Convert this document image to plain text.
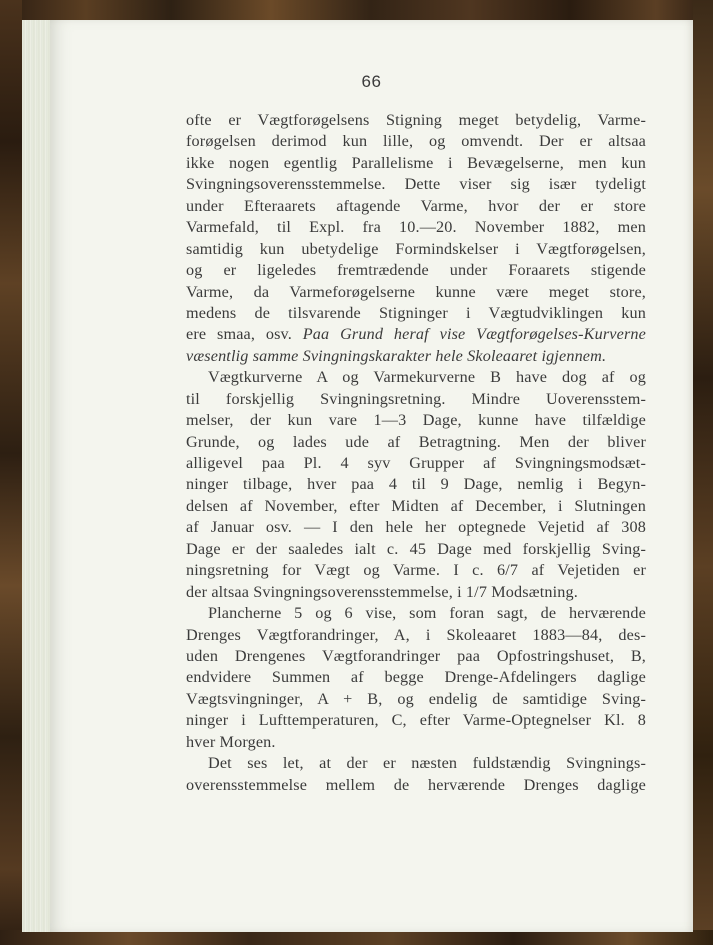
66
ofte er Vægtforøgelsens Stigning meget betydelig, Varme-
forøgelsen derimod kun lille, og omvendt. Der er altsaa
ikke nogen egentlig Parallelisme i Bevægelserne, men kun
Svingningsoverensstemmelse. Dette viser sig især tydeligt
under Efteraarets aftagende Varme, hvor der er store
Varmefald, til Expl. fra 10.—20. November 1882, men
samtidig kun ubetydelige Formindskelser i Vægtforøgelsen,
og er ligeledes fremtrædende under Foraarets stigende
Varme, da Varmeforøgelserne kunne være meget store,
medens de tilsvarende Stigninger i Vægtudviklingen kun
ere smaa, osv. Paa Grund heraf vise Vægtforøgelses-Kurverne
væsentlig samme Svingningskarakter hele Skoleaaret igjennem.
Vægtkurverne A og Varmekurverne B have dog af og
til forskjellig Svingningsretning. Mindre Uoverensstem-
melser, der kun vare 1—3 Dage, kunne have tilfældige
Grunde, og lades ude af Betragtning. Men der bliver
alligevel paa Pl. 4 syv Grupper af Svingningsmodsæt-
ninger tilbage, hver paa 4 til 9 Dage, nemlig i Begyn-
delsen af November, efter Midten af December, i Slutningen
af Januar osv. — I den hele her optegnede Vejetid af 308
Dage er der saaledes ialt c. 45 Dage med forskjellig Sving-
ningsretning for Vægt og Varme. I c. 6/7 af Vejetiden er
der altsaa Svingningsoverensstemmelse, i 1/7 Modsætning.
Plancherne 5 og 6 vise, som foran sagt, de herværende
Drenges Vægtforandringer, A, i Skoleaaret 1883—84, des-
uden Drengenes Vægtforandringer paa Opfostringshuset, B,
endvidere Summen af begge Drenge-Afdelingers daglige
Vægtsvingninger, A + B, og endelig de samtidige Sving-
ninger i Lufttemperaturen, C, efter Varme-Optegnelser Kl. 8
hver Morgen.
Det ses let, at der er næsten fuldstændig Svingnings-
overensstemmelse mellem de herværende Drenges daglige
